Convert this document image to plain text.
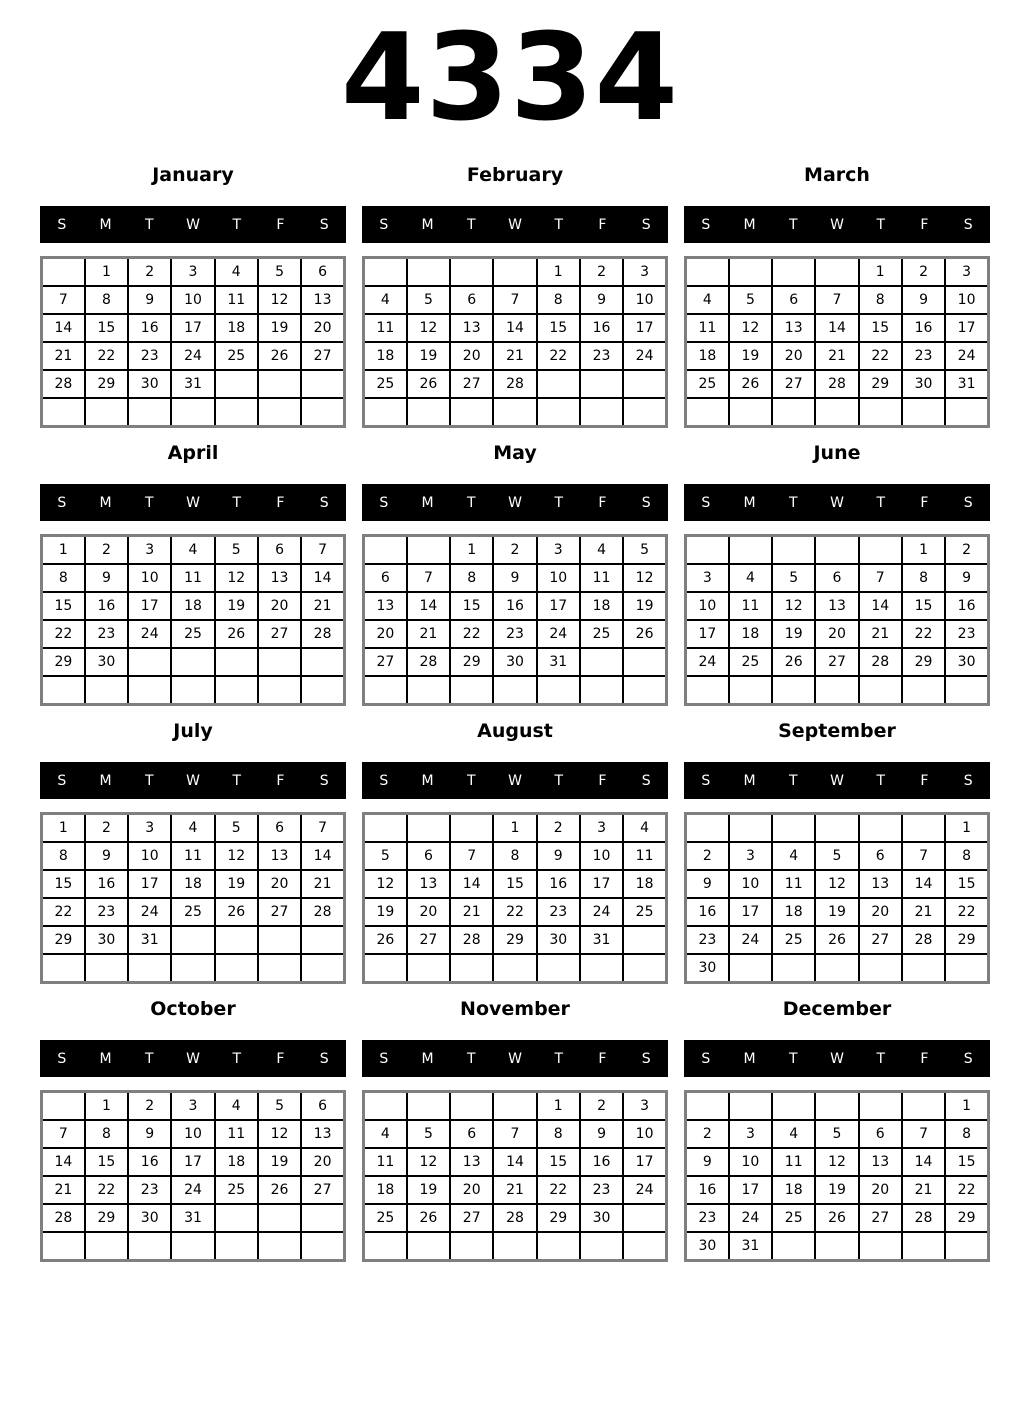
4334
January
S	M	T	W	T	F	S
	1	2	3	4	5	6
7	8	9	10	11	12	13
14	15	16	17	18	19	20
21	22	23	24	25	26	27
28	29	30	31			

February
S	M	T	W	T	F	S
				1	2	3
4	5	6	7	8	9	10
11	12	13	14	15	16	17
18	19	20	21	22	23	24
25	26	27	28			

March
S	M	T	W	T	F	S
				1	2	3
4	5	6	7	8	9	10
11	12	13	14	15	16	17
18	19	20	21	22	23	24
25	26	27	28	29	30	31

April
S	M	T	W	T	F	S
1	2	3	4	5	6	7
8	9	10	11	12	13	14
15	16	17	18	19	20	21
22	23	24	25	26	27	28
29	30					

May
S	M	T	W	T	F	S
		1	2	3	4	5
6	7	8	9	10	11	12
13	14	15	16	17	18	19
20	21	22	23	24	25	26
27	28	29	30	31		

June
S	M	T	W	T	F	S
					1	2
3	4	5	6	7	8	9
10	11	12	13	14	15	16
17	18	19	20	21	22	23
24	25	26	27	28	29	30

July
S	M	T	W	T	F	S
1	2	3	4	5	6	7
8	9	10	11	12	13	14
15	16	17	18	19	20	21
22	23	24	25	26	27	28
29	30	31				

August
S	M	T	W	T	F	S
			1	2	3	4
5	6	7	8	9	10	11
12	13	14	15	16	17	18
19	20	21	22	23	24	25
26	27	28	29	30	31	

September
S	M	T	W	T	F	S
						1
2	3	4	5	6	7	8
9	10	11	12	13	14	15
16	17	18	19	20	21	22
23	24	25	26	27	28	29
30						
October
S	M	T	W	T	F	S
	1	2	3	4	5	6
7	8	9	10	11	12	13
14	15	16	17	18	19	20
21	22	23	24	25	26	27
28	29	30	31			

November
S	M	T	W	T	F	S
				1	2	3
4	5	6	7	8	9	10
11	12	13	14	15	16	17
18	19	20	21	22	23	24
25	26	27	28	29	30	

December
S	M	T	W	T	F	S
						1
2	3	4	5	6	7	8
9	10	11	12	13	14	15
16	17	18	19	20	21	22
23	24	25	26	27	28	29
30	31					
